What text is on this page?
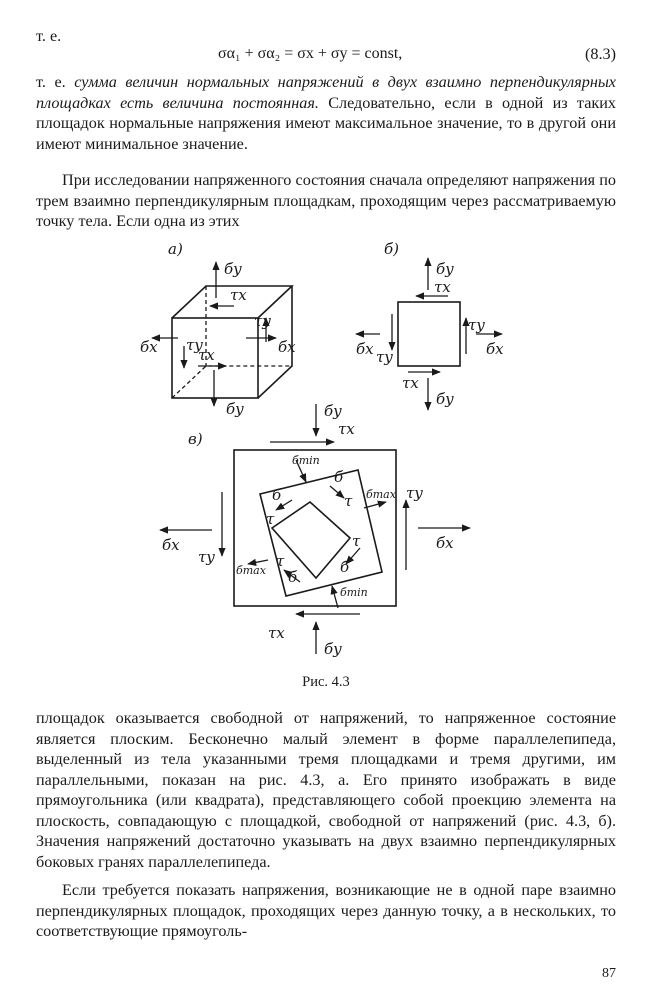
т. е.
σα₁ + σα₂ = σx + σy = const,	(8.3)
т. е. сумма величин нормальных напряжений в двух взаимно перпендикулярных площадках есть величина постоянная. Следовательно, если в одной из таких площадок нормальные напряжения имеют максимальное значение, то в другой они имеют минимальное значение.
При исследовании напряженного состояния сначала определяют напряжения по трем взаимно перпендикулярным площадкам, проходящим через рассматриваемую точку тела. Если одна из этих
а)	б)
в)
бy
бy
τx
τx
τy
τy
бx	бx
бy
бy
τx
τx
τy
τy
бx	бx
бy
τx
τx
бy
τy
τy
бx	бx
бmin
бmin
бmax
бmax
б
τ
б
τ
τ
б
τ
б
Рис. 4.3
площадок оказывается свободной от напряжений, то напряженное состояние является плоским. Бесконечно малый элемент в форме параллелепипеда, выделенный из тела указанными тремя площадками и тремя другими, им параллельными, показан на рис. 4.3, а. Его принято изображать в виде прямоугольника (или квадрата), представляющего собой проекцию элемента на плоскость, совпадающую с площадкой, свободной от напряжений (рис. 4.3, б). Значения напряжений достаточно указывать на двух взаимно перпендикулярных боковых гранях параллелепипеда.
Если требуется показать напряжения, возникающие не в одной паре взаимно перпендикулярных площадок, проходящих через данную точку, а в нескольких, то соответствующие прямоуголь-
87
